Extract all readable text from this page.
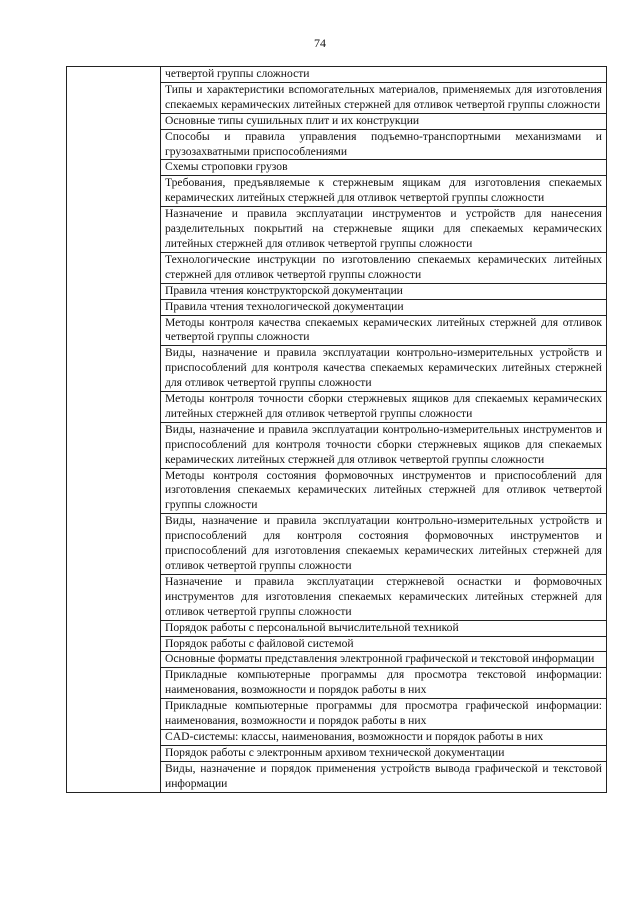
74

четвертой группы сложности

Типы и характеристики вспомогательных материалов, применяемых для изготовления спекаемых керамических литейных стержней для отливок четвертой группы сложности

Основные типы сушильных плит и их конструкции

Способы и правила управления подъемно-транспортными механизмами и грузозахватными приспособлениями

Схемы строповки грузов

Требования, предъявляемые к стержневым ящикам для изготовления спекаемых керамических литейных стержней для отливок четвертой группы сложности

Назначение и правила эксплуатации инструментов и устройств для нанесения разделительных покрытий на стержневые ящики для спекаемых керамических литейных стержней для отливок четвертой группы сложности

Технологические инструкции по изготовлению спекаемых керамических литейных стержней для отливок четвертой группы сложности

Правила чтения конструкторской документации

Правила чтения технологической документации

Методы контроля качества спекаемых керамических литейных стержней для отливок четвертой группы сложности

Виды, назначение и правила эксплуатации контрольно-измерительных устройств и приспособлений для контроля качества спекаемых керамических литейных стержней для отливок четвертой группы сложности

Методы контроля точности сборки стержневых ящиков для спекаемых керамических литейных стержней для отливок четвертой группы сложности

Виды, назначение и правила эксплуатации контрольно-измерительных инструментов и приспособлений для контроля точности сборки стержневых ящиков для спекаемых керамических литейных стержней для отливок четвертой группы сложности

Методы контроля состояния формовочных инструментов и приспособлений для изготовления спекаемых керамических литейных стержней для отливок четвертой группы сложности

Виды, назначение и правила эксплуатации контрольно-измерительных устройств и приспособлений для контроля состояния формовочных инструментов и приспособлений для изготовления спекаемых керамических литейных стержней для отливок четвертой группы сложности

Назначение и правила эксплуатации стержневой оснастки и формовочных инструментов для изготовления спекаемых керамических литейных стержней для отливок четвертой группы сложности

Порядок работы с персональной вычислительной техникой

Порядок работы с файловой системой

Основные форматы представления электронной графической и текстовой информации

Прикладные компьютерные программы для просмотра текстовой информации: наименования, возможности и порядок работы в них

Прикладные компьютерные программы для просмотра графической информации: наименования, возможности и порядок работы в них

CAD-системы: классы, наименования, возможности и порядок работы в них

Порядок работы с электронным архивом технической документации

Виды, назначение и порядок применения устройств вывода графической и текстовой информации
